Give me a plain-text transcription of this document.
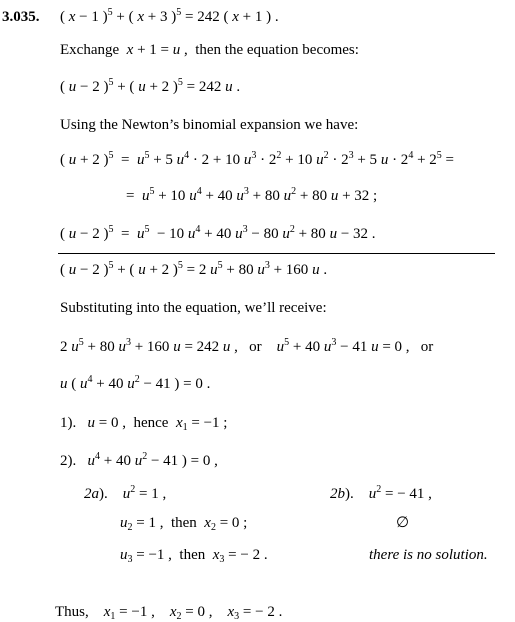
3.035. ( x − 1 )$^5$ + ( x + 3 )$^5$ = 242 ( x + 1 ) .
Exchange  x + 1 = u ,  then the equation becomes:
( u − 2 )$^5$ + ( u + 2 )$^5$ = 242 u .
Using the Newton’s binomial expansion we have:
( u + 2 )$^5 = u^5 + 5$ $u^4 \cdot 2 + 10$ $u^3 \cdot 2^2 + 10$ $u^2 \cdot 2^3 + 5$ $u \cdot 2^4 + 2^5$ =
=  $u^5 + 10$ $u^4 + 40$ $u^3 + 80$ $u^2 + 80$ u + 32 ;
( u − 2 )$^5 = u^5 - 10$ $u^4 + 40$ $u^3 - 80$ $u^2 + 80$ u − 32 .
( u − 2 )$^5$ + ( u + 2 )$^5$ = 2 $u^5 + 80$ $u^3 + 160$ u .
Substituting into the equation, we’ll receive:
2 $u^5 + 80$ $u^3 + 160$ u = 242 u ,   or    $u^5 + 40$ $u^3 - 41$ u = 0 ,   or
u ( $u^4 + 40$ $u^2 - 41$ ) = 0 .
1).   u = 0 ,  hence  $x_1 = -1$ ;
2).   $u^4 + 40$ $u^2 - 41$ ) = 0 ,
2a).    $u^2 = 1$ ,	2b).    $u^2$ = − 41 ,
$u_2 = 1$ ,  then  $x_2 = 0$ ;	∅
$u_3 = -1$ ,  then  $x_3$ = − 2 .	there is no solution.
Thus,    $x_1 = -1$ ,    $x_2 = 0$ ,    $x_3$ = − 2 .
